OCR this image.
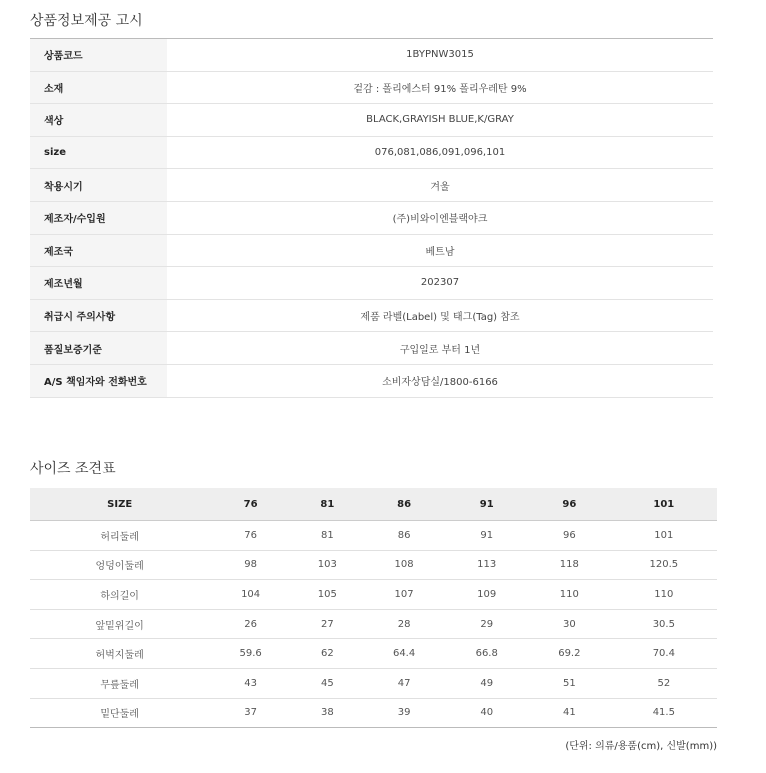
상품정보제공 고시
상품코드	1BYPNW3015
소재	겉감 : 폴리에스터 91% 폴리우레탄 9%
색상	BLACK,GRAYISH BLUE,K/GRAY
size	076,081,086,091,096,101
착용시기	겨울
제조자/수입원	(주)비와이엔블랙야크
제조국	베트남
제조년월	202307
취급시 주의사항	제품 라벨(Label) 및 태그(Tag) 참조
품질보증기준	구입일로 부터 1년
A/S 책임자와 전화번호	소비자상담실/1800-6166
사이즈 조견표
SIZE	76	81	86	91	96	101
허리둘레	76	81	86	91	96	101
엉덩이둘레	98	103	108	113	118	120.5
하의길이	104	105	107	109	110	110
앞밑위길이	26	27	28	29	30	30.5
허벅지둘레	59.6	62	64.4	66.8	69.2	70.4
무릎둘레	43	45	47	49	51	52
밑단둘레	37	38	39	40	41	41.5
(단위: 의류/용품(cm), 신발(mm))
